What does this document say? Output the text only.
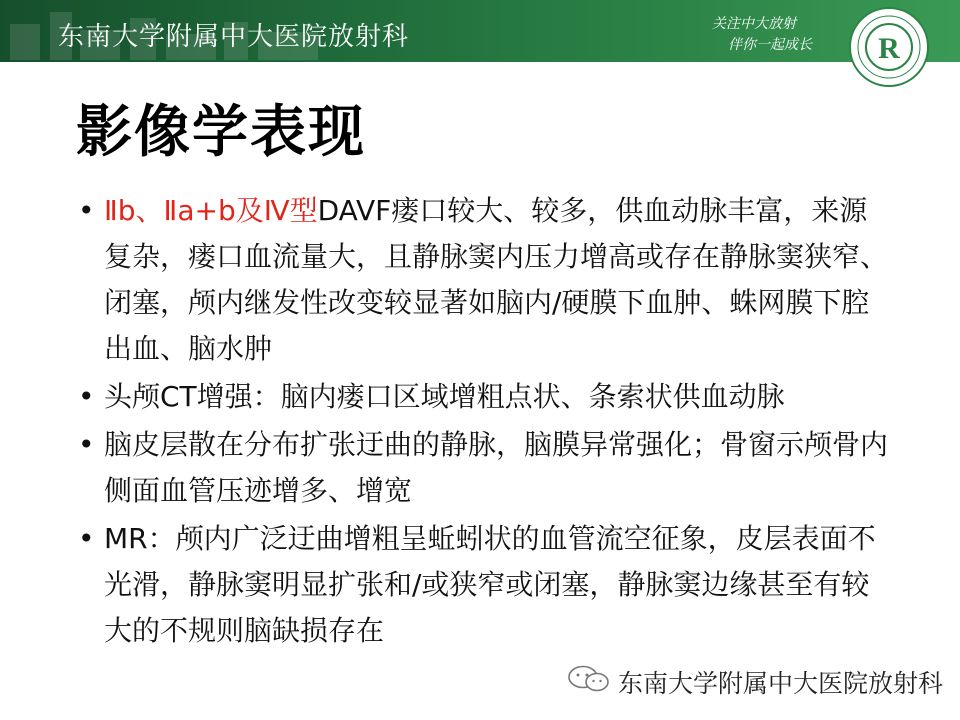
东南大学附属中大医院放射科	关注中大放射
伴你一起成长 R
影像学表现
• Ⅱb、Ⅱa+b及Ⅳ型DAVF瘘口较大、较多，供血动脉丰富，来源复杂，瘘口血流量大，且静脉窦内压力增高或存在静脉窦狭窄、闭塞，颅内继发性改变较显著如脑内/硬膜下血肿、蛛网膜下腔出血、脑水肿
• 头颅CT增强：脑内瘘口区域增粗点状、条索状供血动脉
• 脑皮层散在分布扩张迂曲的静脉，脑膜异常强化；骨窗示颅骨内侧面血管压迹增多、增宽
• MR：颅内广泛迂曲增粗呈蚯蚓状的血管流空征象，皮层表面不光滑，静脉窦明显扩张和/或狭窄或闭塞，静脉窦边缘甚至有较大的不规则脑缺损存在
东南大学附属中大医院放射科
